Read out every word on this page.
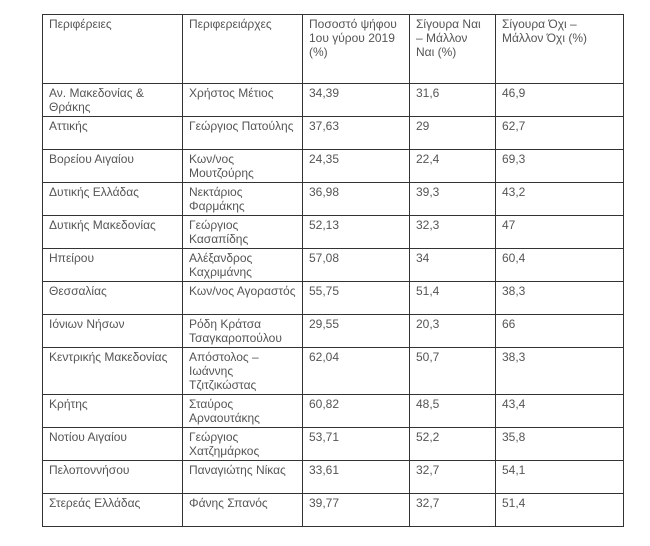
Περιφέρειες	Περιφερειάρχες	Ποσοστό ψήφου 1ου γύρου 2019 (%)	Σίγουρα Ναι – Μάλλον Ναι (%)	Σίγουρα Όχι – Μάλλον Όχι (%)
Αν. Μακεδονίας & Θράκης	Χρήστος Μέτιος	34,39	31,6	46,9
Αττικής	Γεώργιος Πατούλης	37,63	29	62,7
Βορείου Αιγαίου	Κων/νος Μουτζούρης	24,35	22,4	69,3
Δυτικής Ελλάδας	Νεκτάριος Φαρμάκης	36,98	39,3	43,2
Δυτικής Μακεδονίας	Γεώργιος Κασαπίδης	52,13	32,3	47
Ηπείρου	Αλέξανδρος Καχριμάνης	57,08	34	60,4
Θεσσαλίας	Κων/νος Αγοραστός	55,75	51,4	38,3
Ιόνιων Νήσων	Ρόδη Κράτσα Τσαγκαροπούλου	29,55	20,3	66
Κεντρικής Μακεδονίας	Απόστολος – Ιωάννης Τζιτζικώστας	62,04	50,7	38,3
Κρήτης	Σταύρος Αρναουτάκης	60,82	48,5	43,4
Νοτίου Αιγαίου	Γεώργιος Χατζημάρκος	53,71	52,2	35,8
Πελοποννήσου	Παναγιώτης Νίκας	33,61	32,7	54,1
Στερεάς Ελλάδας	Φάνης Σπανός	39,77	32,7	51,4
